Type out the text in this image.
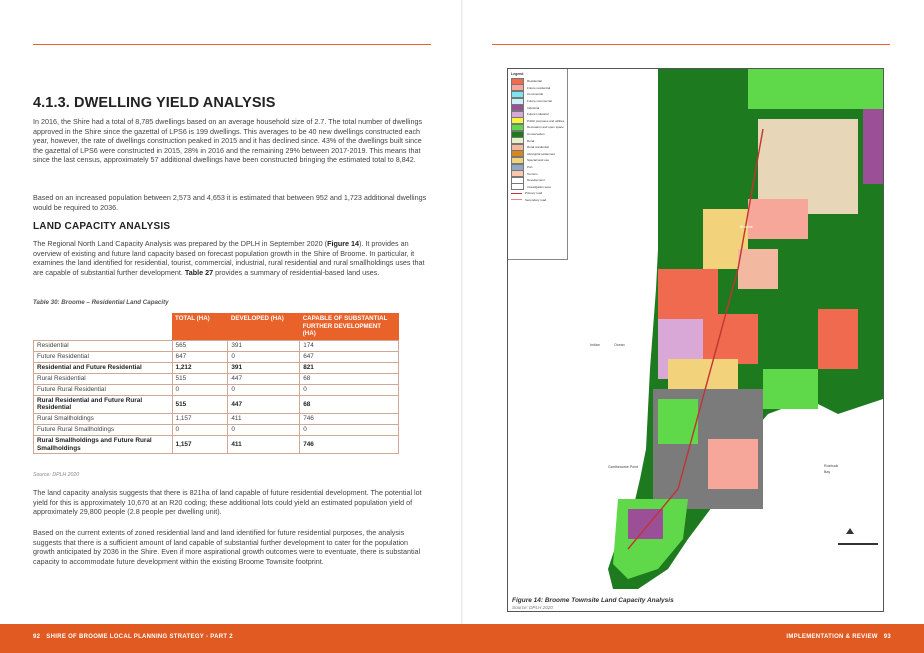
4.1.3. DWELLING YIELD ANALYSIS

In 2016, the Shire had a total of 8,785 dwellings based on an average household size of 2.7. The total number of dwellings approved in the Shire since the gazettal of LPS6 is 199 dwellings. This averages to be 40 new dwellings constructed each year, however, the rate of dwellings construction peaked in 2015 and it has declined since. 43% of the dwellings built since the gazettal of LPS6 were constructed in 2015, 28% in 2016 and the remaining 29% between 2017-2019. This means that since the last census, approximately 57 additional dwellings have been constructed bringing the estimated total to 8,842.

Based on an increased population between 2,573 and 4,653 it is estimated that between 952 and 1,723 additional dwellings would be required to 2036.

LAND CAPACITY ANALYSIS

The Regional North Land Capacity Analysis was prepared by the DPLH in September 2020 (Figure 14). It provides an overview of existing and future land capacity based on forecast population growth in the Shire of Broome. In particular, it examines the land identified for residential, tourist, commercial, industrial, rural residential and rural smallholdings uses that are capable of substantial further development. Table 27 provides a summary of residential-based land uses.

Table 30: Broome – Residential Land Capacity
	TOTAL (HA)	DEVELOPED (HA)	CAPABLE OF SUBSTANTIAL FURTHER DEVELOPMENT (HA)
Residential	565	391	174
Future Residential	647	0	647
Residential and Future Residential	1,212	391	821
Rural Residential	515	447	68
Future Rural Residential	0	0	0
Rural Residential and Future Rural Residential	515	447	68
Rural Smallholdings	1,157	411	746
Future Rural Smallholdings	0	0	0
Rural Smallholdings and Future Rural Smallholdings	1,157	411	746
Source: DPLH 2020

The land capacity analysis suggests that there is 821ha of land capable of future residential development. The potential lot yield for this is approximately 10,670 at an R20 coding; these additional lots could yield an estimated population yield of approximately 29,800 people (2.8 people per dwelling unit).

Based on the current extents of zoned residential land and land identified for future residential purposes, the analysis suggests that there is a sufficient amount of land capable of substantial further development to cater for the population growth anticipated by 2036 in the Shire. Even if more aspirational growth outcomes were to eventuate, there is substantial capacity to accommodate future development within the existing Broome Townsite footprint.

Legend
Residential
Future residential
Commercial
Future commercial
Industrial
Future industrial
Public purposes and utilities
Recreation and open space
Conservation
Rural
Rural residential
Aboriginal settlement
Special land use
Port
Tourism
Development
Investigation area
Primary road
Secondary road
Indian	Ocean
Roebuck
Bay
Gantheaume Point
Broome
Figure 14: Broome Townsite Land Capacity Analysis
Source: DPLH 2020
92 SHIRE OF BROOME LOCAL PLANNING STRATEGY - PART 2	IMPLEMENTATION & REVIEW 93
